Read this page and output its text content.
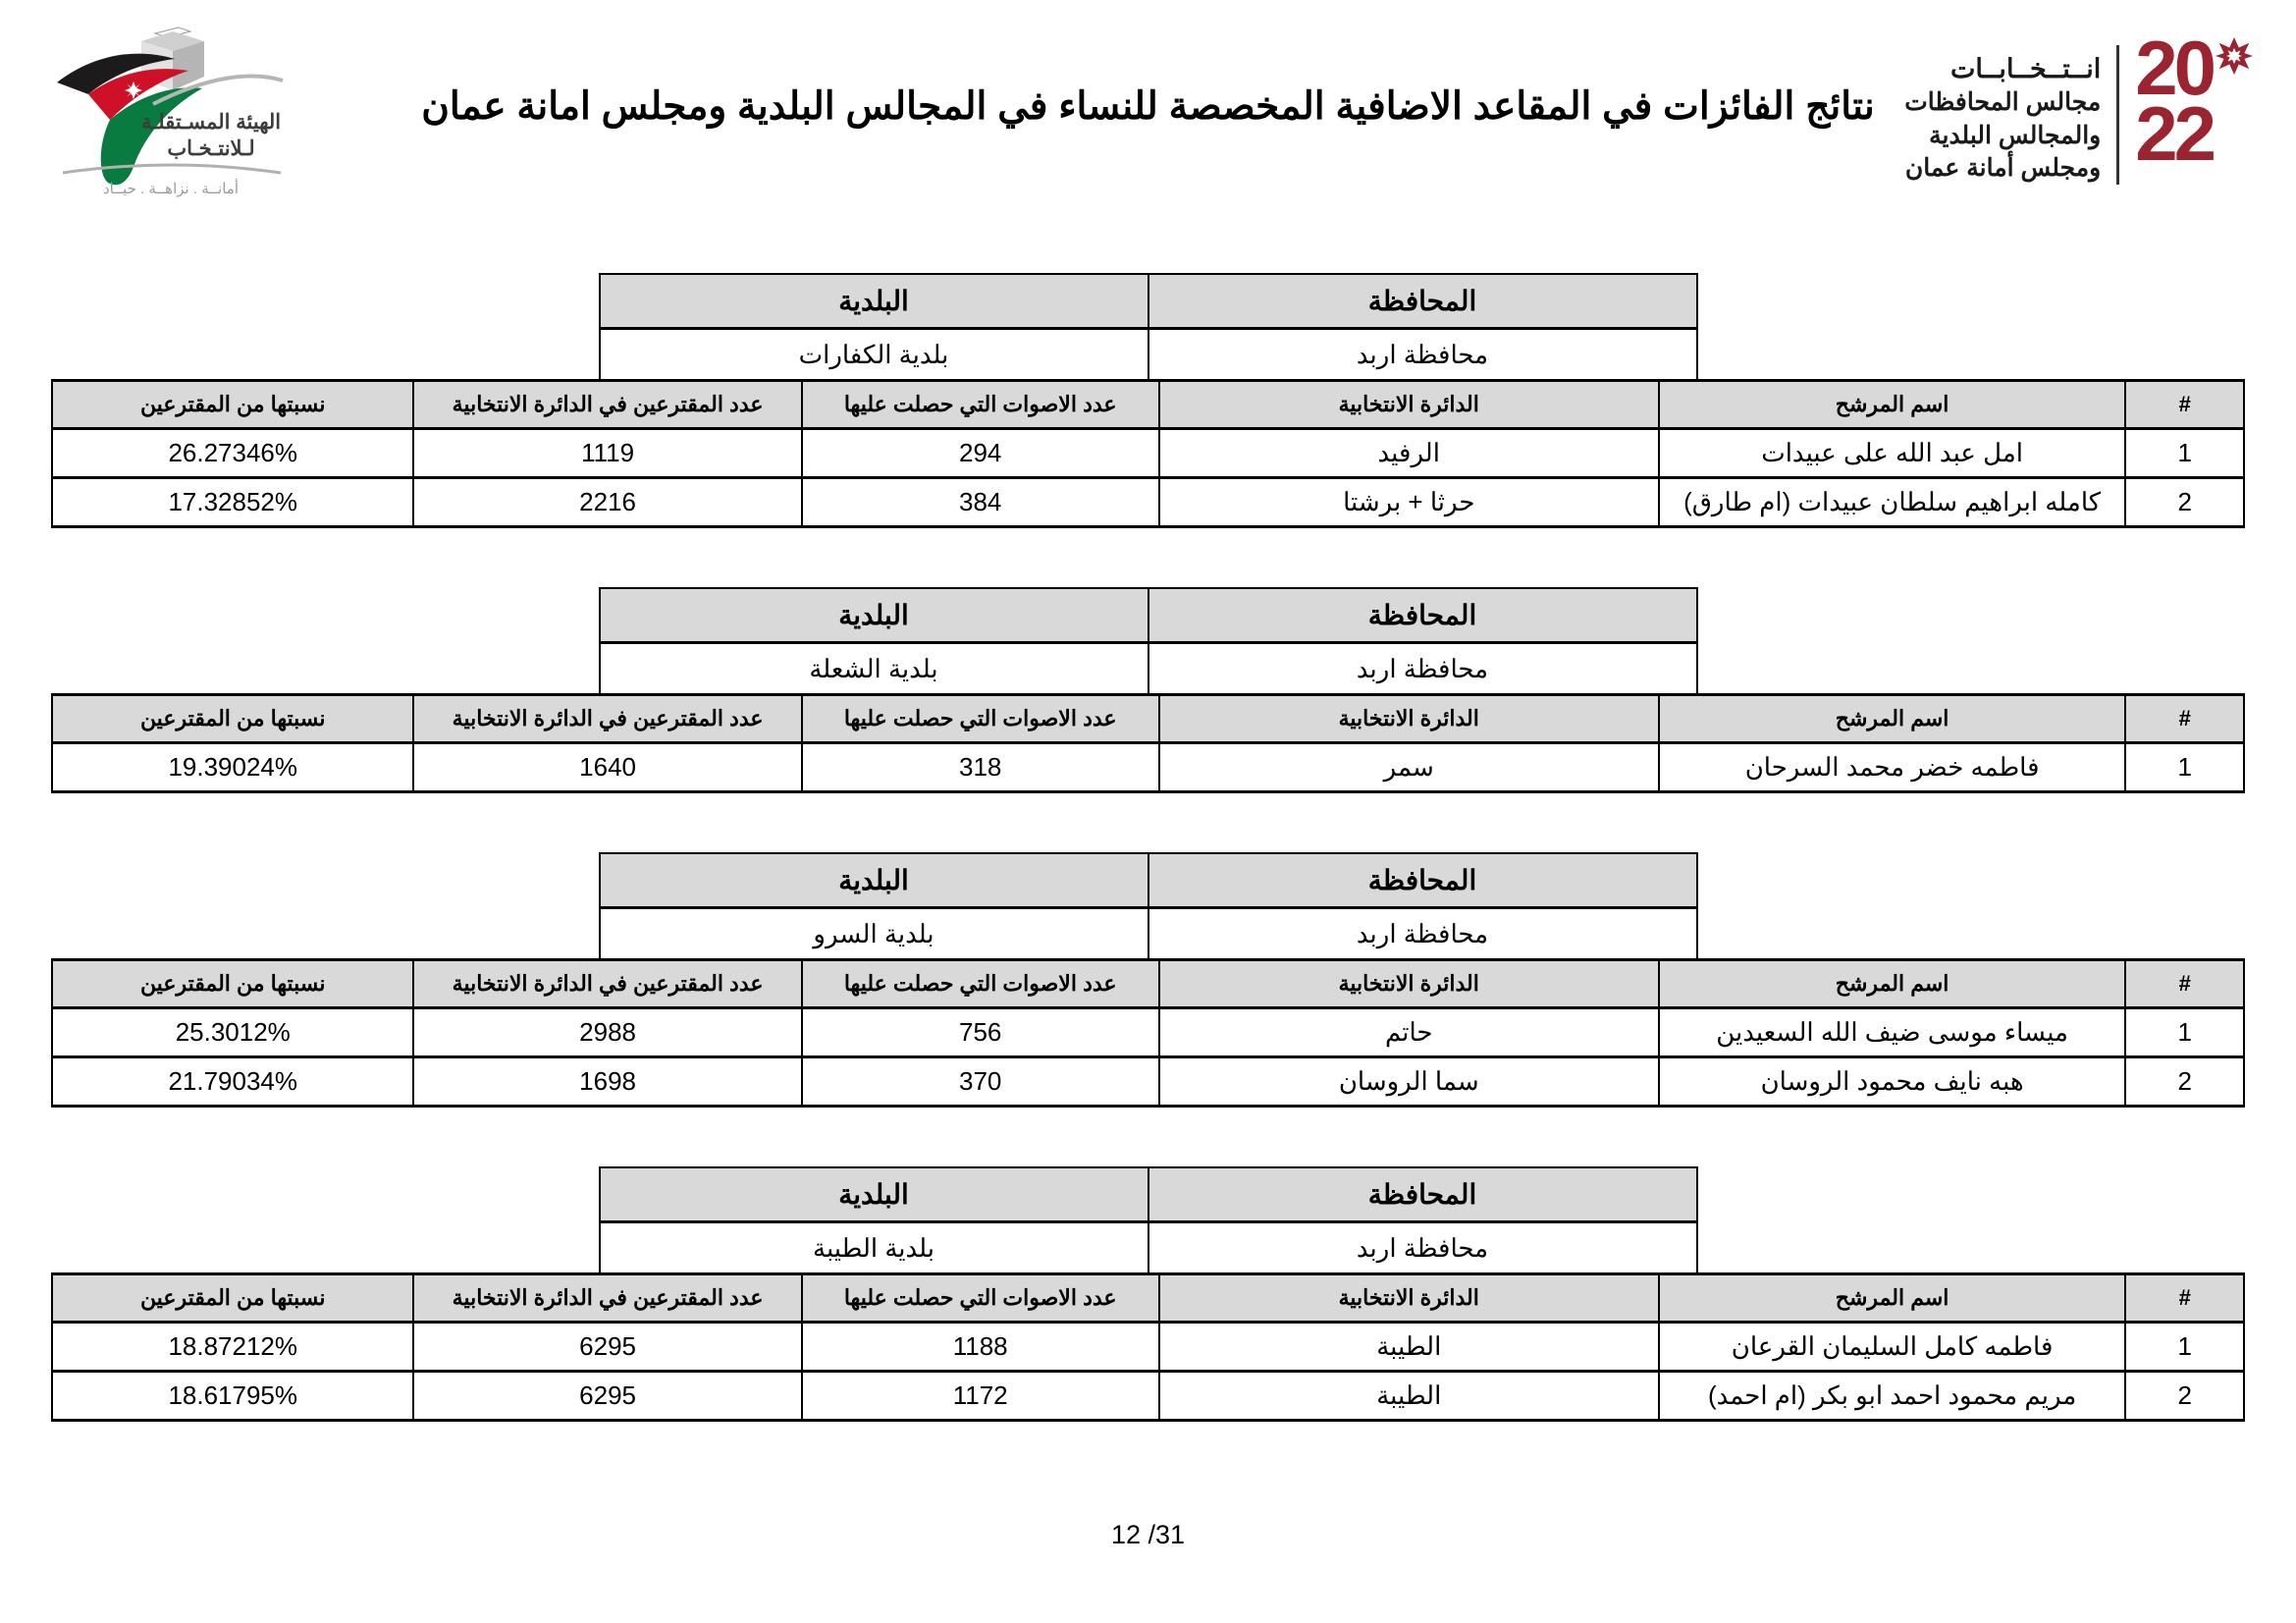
الهيئة المسـتقلـة
لـلانتـخـاب
أمانــة . نزاهــة . حيــاد
نتائج الفائزات في المقاعد الاضافية المخصصة للنساء في المجالس البلدية ومجلس امانة عمان
انــتــخــابــات
مجالس المحافظات
والمجالس البلدية
ومجلس أمانة عمان
20
22
المحافظة	البلدية
محافظة اربد	بلدية الكفارات
#	اسم المرشح	الدائرة الانتخابية	عدد الاصوات التي حصلت عليها	عدد المقترعين في الدائرة الانتخابية	نسبتها من المقترعين
1	امل عبد الله على عبيدات	الرفيد	294	1119	26.27346%
2	كامله ابراهيم سلطان عبيدات (ام طارق)	حرثا + برشتا	384	2216	17.32852%
المحافظة	البلدية
محافظة اربد	بلدية الشعلة
#	اسم المرشح	الدائرة الانتخابية	عدد الاصوات التي حصلت عليها	عدد المقترعين في الدائرة الانتخابية	نسبتها من المقترعين
1	فاطمه خضر محمد السرحان	سمر	318	1640	19.39024%
المحافظة	البلدية
محافظة اربد	بلدية السرو
#	اسم المرشح	الدائرة الانتخابية	عدد الاصوات التي حصلت عليها	عدد المقترعين في الدائرة الانتخابية	نسبتها من المقترعين
1	ميساء موسى ضيف الله السعيدين	حاتم	756	2988	25.3012%
2	هبه نايف محمود الروسان	سما الروسان	370	1698	21.79034%
المحافظة	البلدية
محافظة اربد	بلدية الطيبة
#	اسم المرشح	الدائرة الانتخابية	عدد الاصوات التي حصلت عليها	عدد المقترعين في الدائرة الانتخابية	نسبتها من المقترعين
1	فاطمه كامل السليمان القرعان	الطيبة	1188	6295	18.87212%
2	مريم محمود احمد ابو بكر (ام احمد)	الطيبة	1172	6295	18.61795%
12 /31
